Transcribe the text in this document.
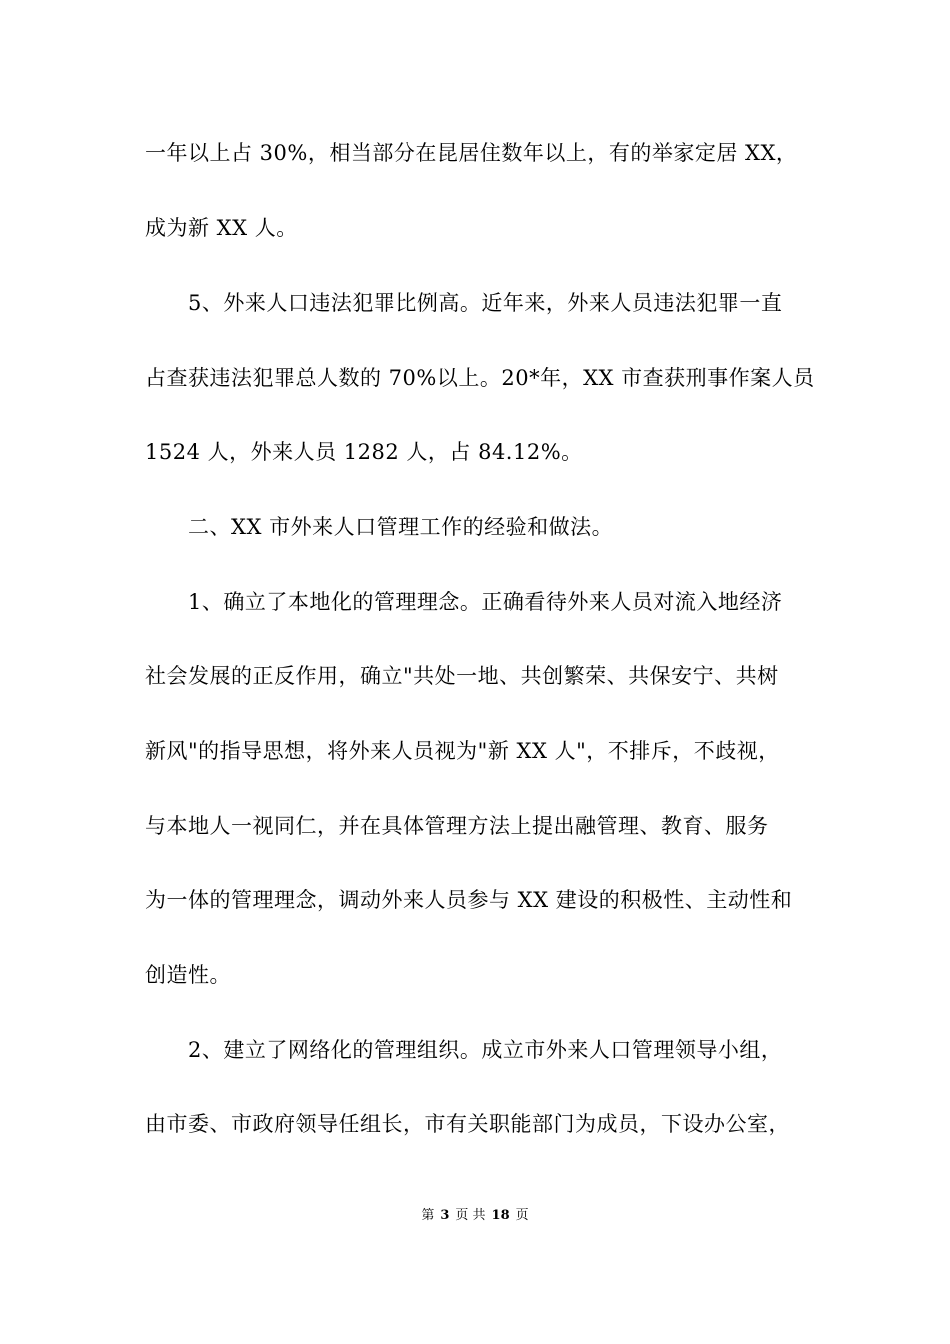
一年以上占 30%，相当部分在昆居住数年以上，有的举家定居 XX，
成为新 XX 人。
5、外来人口违法犯罪比例高。近年来，外来人员违法犯罪一直
占查获违法犯罪总人数的 70%以上。20*年，XX 市查获刑事作案人员
1524 人，外来人员 1282 人，占 84.12%。
二、XX 市外来人口管理工作的经验和做法。
1、确立了本地化的管理理念。正确看待外来人员对流入地经济
社会发展的正反作用，确立"共处一地、共创繁荣、共保安宁、共树
新风"的指导思想，将外来人员视为"新 XX 人"，不排斥，不歧视，
与本地人一视同仁，并在具体管理方法上提出融管理、教育、服务
为一体的管理理念，调动外来人员参与 XX 建设的积极性、主动性和
创造性。
2、建立了网络化的管理组织。成立市外来人口管理领导小组，
由市委、市政府领导任组长，市有关职能部门为成员，下设办公室，
第 3 页 共 18 页
